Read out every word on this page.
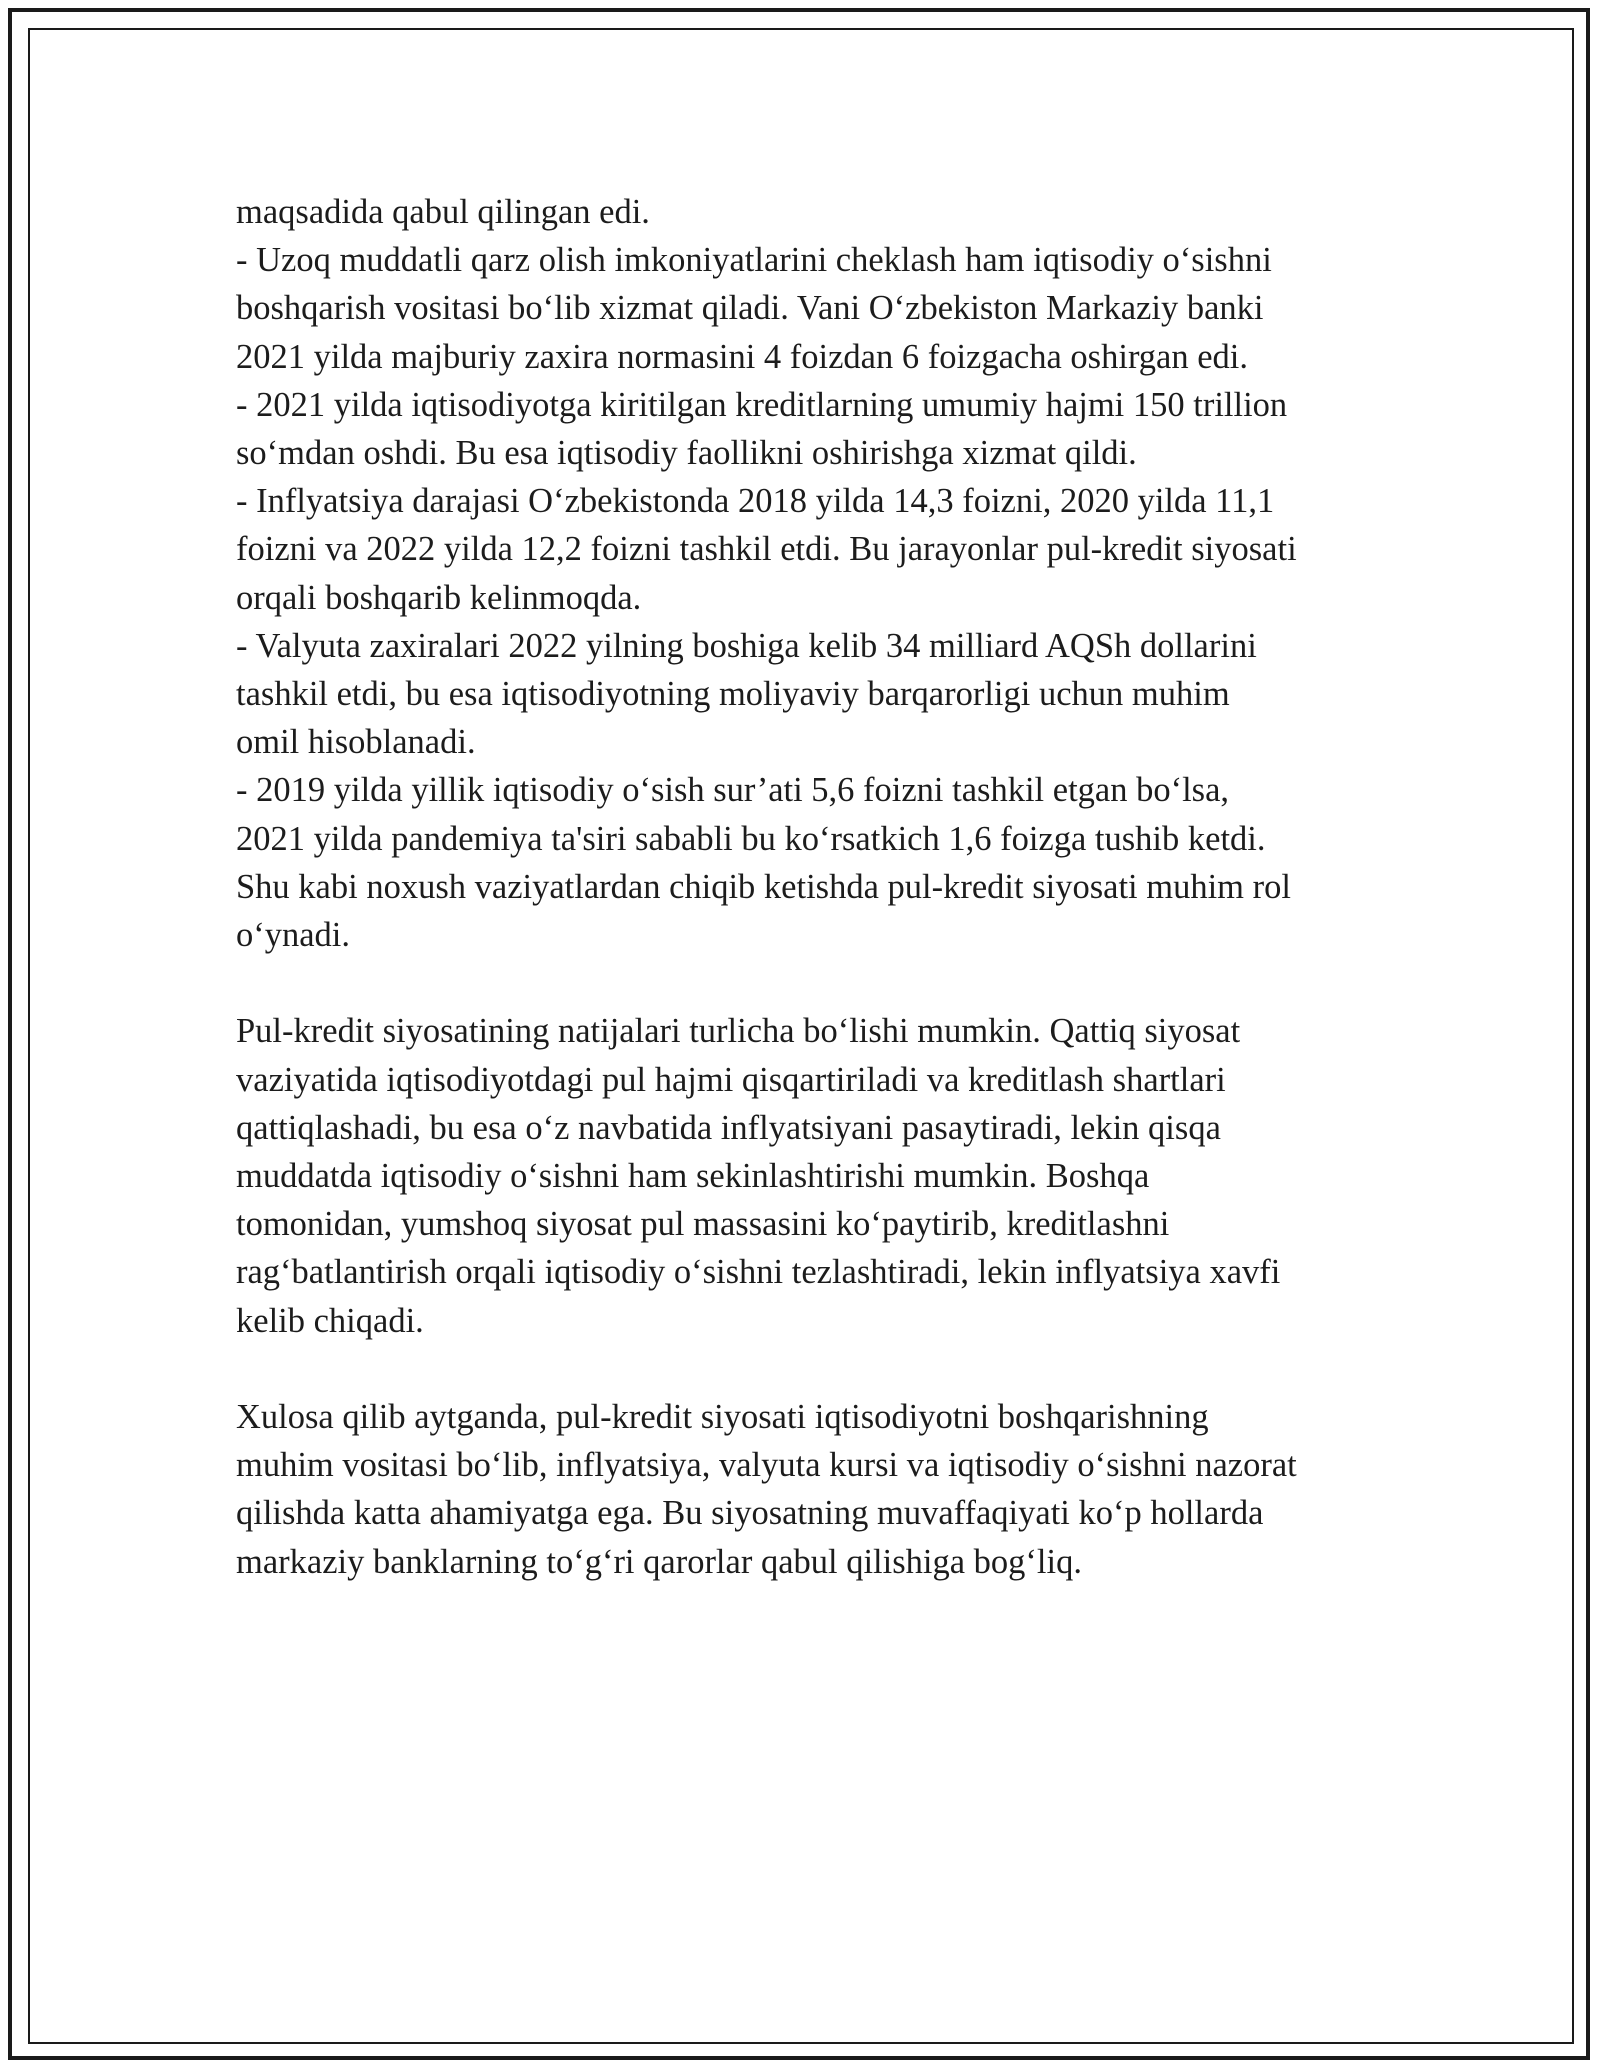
maqsadida qabul qilingan edi.

- Uzoq muddatli qarz olish imkoniyatlarini cheklash ham iqtisodiy o‘sishni

boshqarish vositasi bo‘lib xizmat qiladi. Vani O‘zbekiston Markaziy banki

2021 yilda majburiy zaxira normasini 4 foizdan 6 foizgacha oshirgan edi.

- 2021 yilda iqtisodiyotga kiritilgan kreditlarning umumiy hajmi 150 trillion

so‘mdan oshdi. Bu esa iqtisodiy faollikni oshirishga xizmat qildi.

- Inflyatsiya darajasi O‘zbekistonda 2018 yilda 14,3 foizni, 2020 yilda 11,1

foizni va 2022 yilda 12,2 foizni tashkil etdi. Bu jarayonlar pul-kredit siyosati

orqali boshqarib kelinmoqda.

- Valyuta zaxiralari 2022 yilning boshiga kelib 34 milliard AQSh dollarini

tashkil etdi, bu esa iqtisodiyotning moliyaviy barqarorligi uchun muhim

omil hisoblanadi.

- 2019 yilda yillik iqtisodiy o‘sish sur’ati 5,6 foizni tashkil etgan bo‘lsa,

2021 yilda pandemiya ta'siri sababli bu ko‘rsatkich 1,6 foizga tushib ketdi.

Shu kabi noxush vaziyatlardan chiqib ketishda pul-kredit siyosati muhim rol

o‘ynadi.

Pul-kredit siyosatining natijalari turlicha bo‘lishi mumkin. Qattiq siyosat

vaziyatida iqtisodiyotdagi pul hajmi qisqartiriladi va kreditlash shartlari

qattiqlashadi, bu esa o‘z navbatida inflyatsiyani pasaytiradi, lekin qisqa

muddatda iqtisodiy o‘sishni ham sekinlashtirishi mumkin. Boshqa

tomonidan, yumshoq siyosat pul massasini ko‘paytirib, kreditlashni

rag‘batlantirish orqali iqtisodiy o‘sishni tezlashtiradi, lekin inflyatsiya xavfi

kelib chiqadi.

Xulosa qilib aytganda, pul-kredit siyosati iqtisodiyotni boshqarishning

muhim vositasi bo‘lib, inflyatsiya, valyuta kursi va iqtisodiy o‘sishni nazorat

qilishda katta ahamiyatga ega. Bu siyosatning muvaffaqiyati ko‘p hollarda

markaziy banklarning to‘g‘ri qarorlar qabul qilishiga bog‘liq.
